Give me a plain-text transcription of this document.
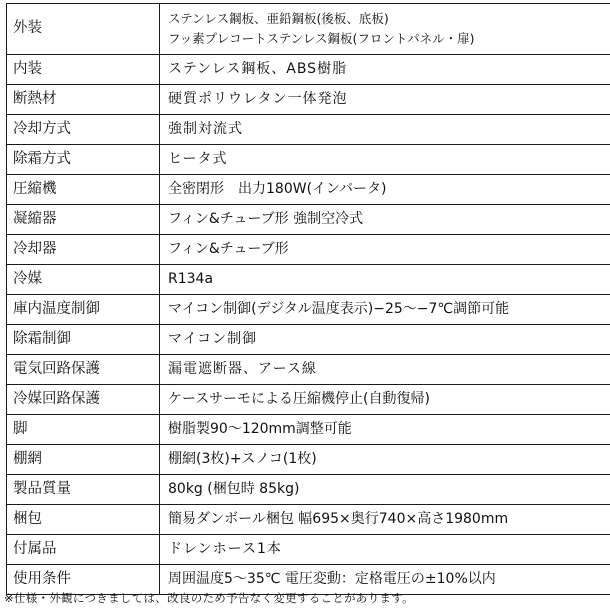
外装	ステンレス鋼板、亜鉛鋼板(後板、底板)
フッ素プレコートステンレス鋼板(フロントパネル・扉)

内装	ステンレス鋼板、ABS樹脂
断熱材	硬質ポリウレタン一体発泡
冷却方式	強制対流式
除霜方式	ヒータ式
圧縮機	全密閉形　出力180W(インバータ)
凝縮器	フィン&チューブ形 強制空冷式
冷却器	フィン&チューブ形
冷媒	R134a
庫内温度制御	マイコン制御(デジタル温度表示)−25〜−7℃調節可能
除霜制御	マイコン制御
電気回路保護	漏電遮断器、アース線
冷媒回路保護	ケースサーモによる圧縮機停止(自動復帰)
脚	樹脂製90〜120mm調整可能
棚網	棚網(3枚)+スノコ(1枚)
製品質量	80kg (梱包時 85kg)
梱包	簡易ダンボール梱包 幅695×奥行740×高さ1980mm
付属品	ドレンホース1本
使用条件	周囲温度5〜35℃ 電圧変動：定格電圧の±10%以内
※仕様・外観につきましては、改良のため予告なく変更することがあります。
